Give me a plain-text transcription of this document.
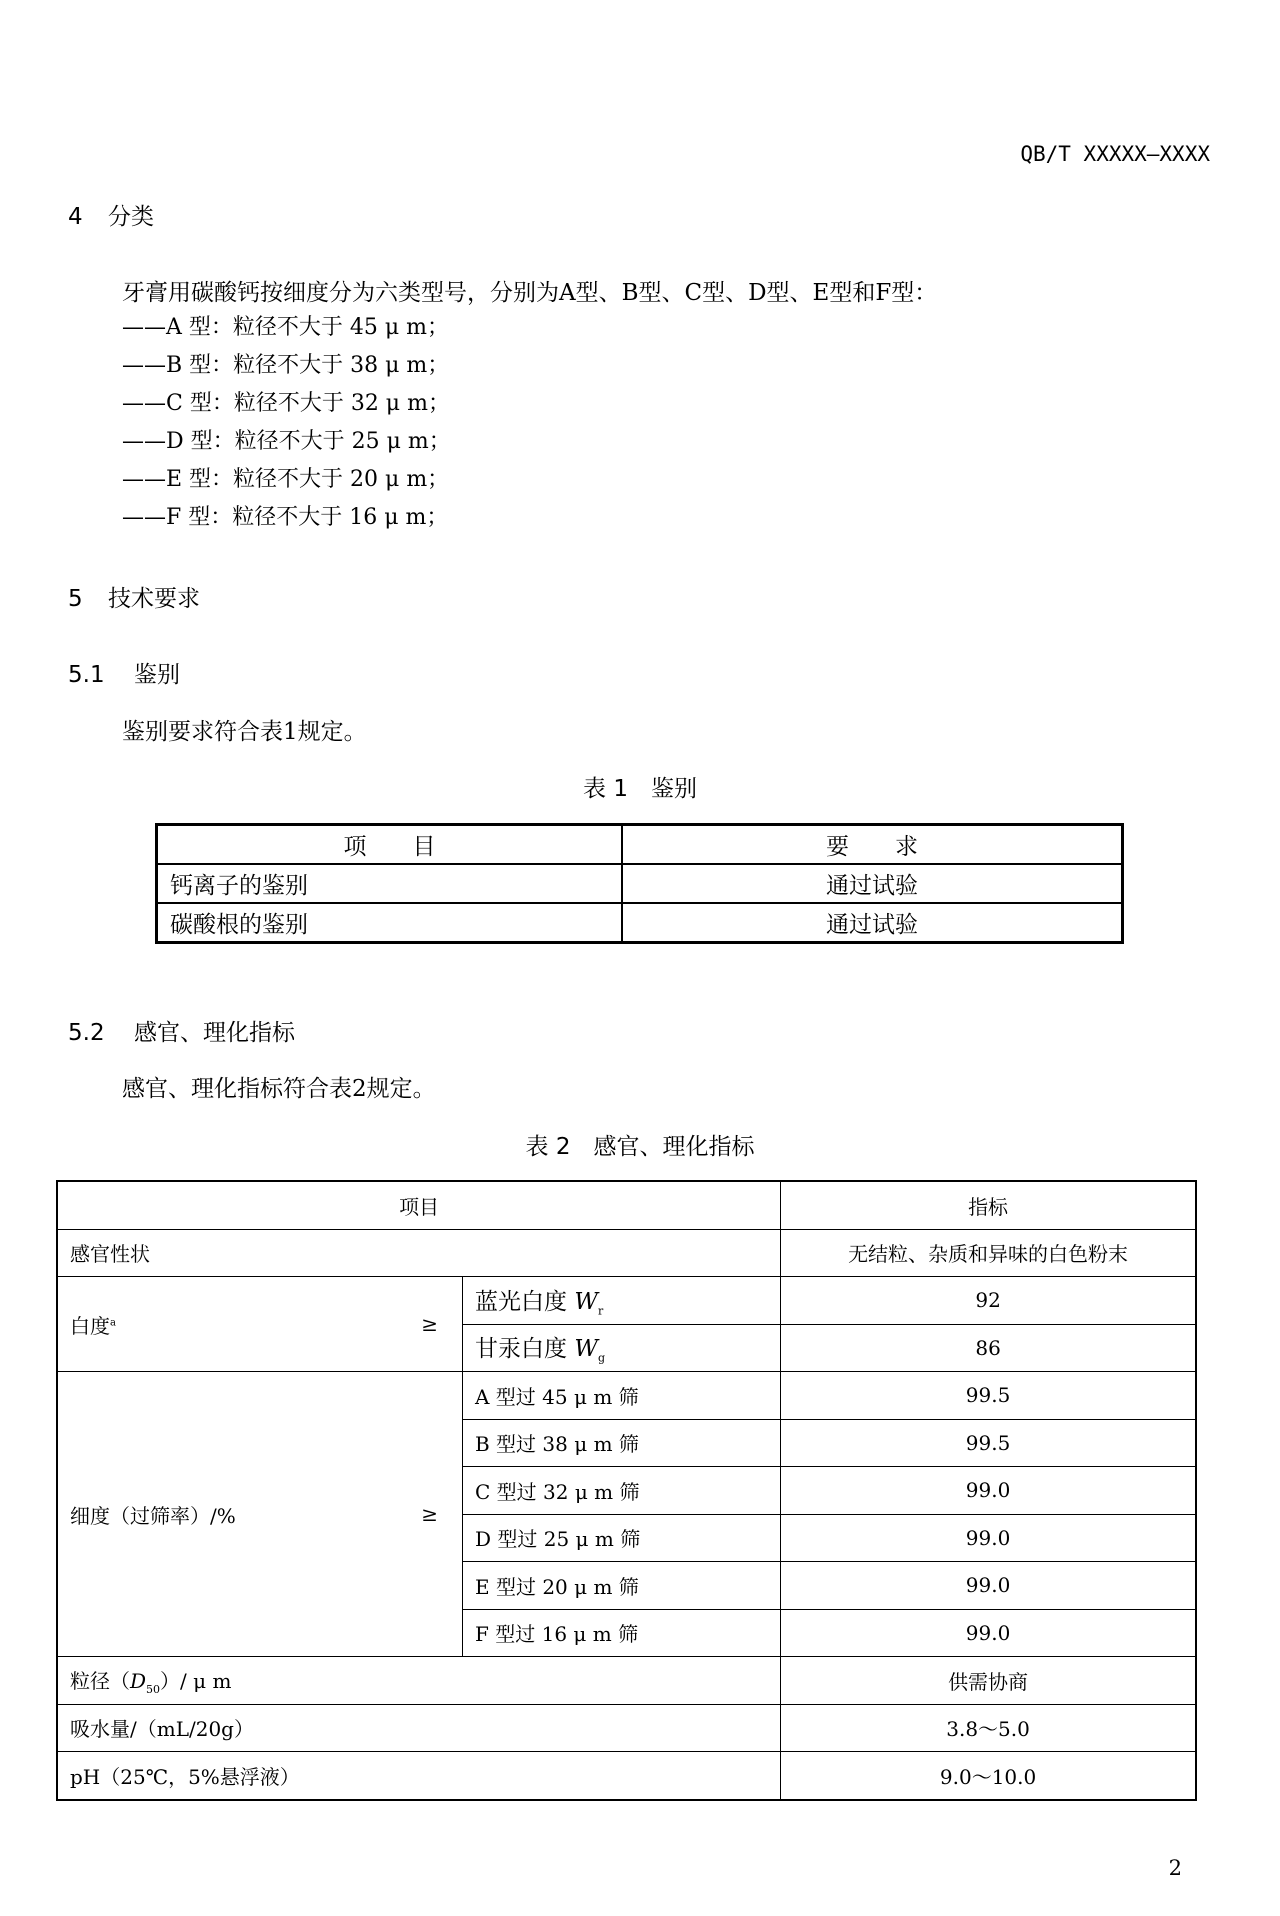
QB/T XXXXX—XXXX
4 分类
牙膏用碳酸钙按细度分为六类型号，分别为A型、B型、C型、D型、E型和F型：
——A 型：粒径不大于 45 μ m；
——B 型：粒径不大于 38 μ m；
——C 型：粒径不大于 32 μ m；
——D 型：粒径不大于 25 μ m；
——E 型：粒径不大于 20 μ m；
——F 型：粒径不大于 16 μ m；
5 技术要求
5.1 鉴别
鉴别要求符合表1规定。
表 1　鉴别
项　　目	要　　求
钙离子的鉴别	通过试验
碳酸根的鉴别	通过试验
5.2 感官、理化指标
感官、理化指标符合表2规定。
表 2　感官、理化指标
项目		指标
感官性状		无结粒、杂质和异味的白色粉末
白度$^a$ ≥	蓝光白度 $W_r$	92
	甘汞白度 $W_g$	86
细度（过筛率）/% ≥	A 型过 45 μ m 筛	99.5
	B 型过 38 μ m 筛	99.5
	C 型过 32 μ m 筛	99.0
	D 型过 25 μ m 筛	99.0
	E 型过 20 μ m 筛	99.0
	F 型过 16 μ m 筛	99.0
粒径$(D_{50})/$ μ m		供需协商
吸水量/（mL/20g）		3.8～5.0
pH（25℃，5%悬浮液）		9.0～10.0
2
